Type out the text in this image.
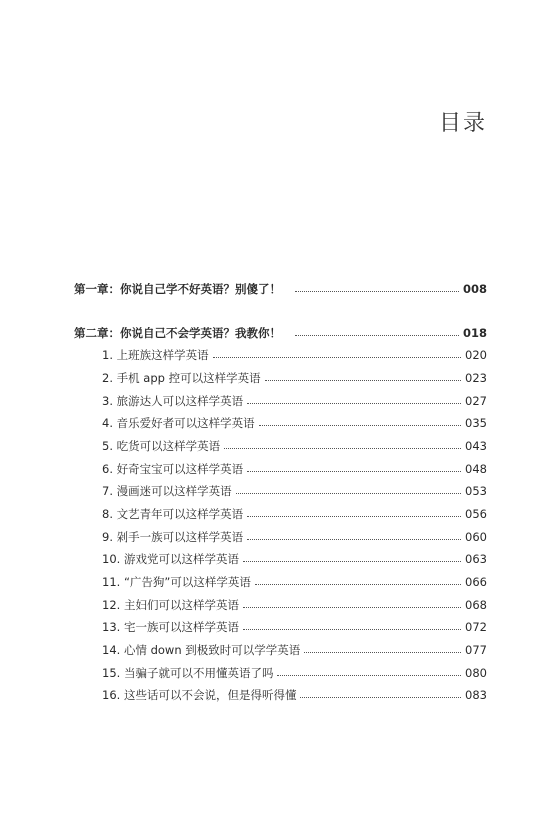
目录
第一章：你说自己学不好英语？别傻了！	008
第二章：你说自己不会学英语？我教你！	018
1. 上班族这样学英语	020
2. 手机 app 控可以这样学英语	023
3. 旅游达人可以这样学英语	027
4. 音乐爱好者可以这样学英语	035
5. 吃货可以这样学英语	043
6. 好奇宝宝可以这样学英语	048
7. 漫画迷可以这样学英语	053
8. 文艺青年可以这样学英语	056
9. 剁手一族可以这样学英语	060
10. 游戏党可以这样学英语	063
11. “广告狗”可以这样学英语	066
12. 主妇们可以这样学英语	068
13. 宅一族可以这样学英语	072
14. 心情 down 到极致时可以学学英语	077
15. 当骗子就可以不用懂英语了吗	080
16. 这些话可以不会说，但是得听得懂	083
